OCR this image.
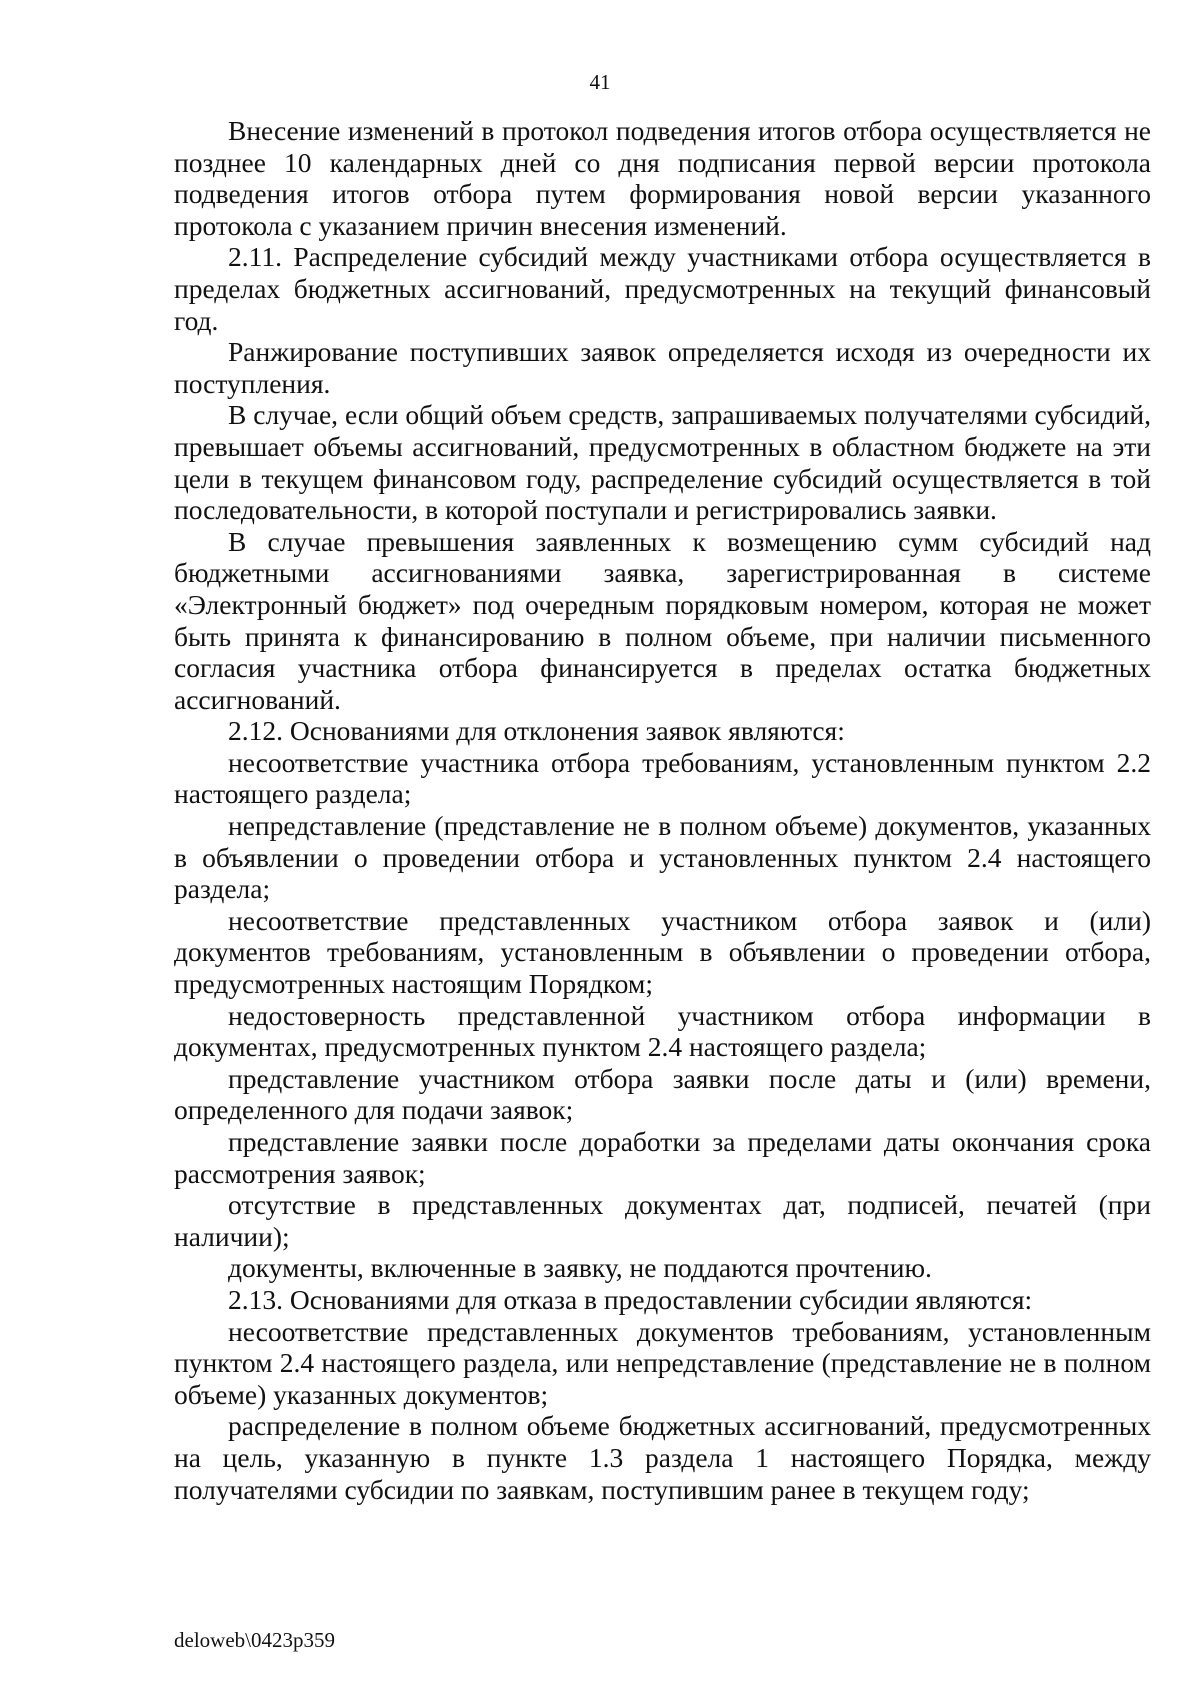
41

Внесение изменений в протокол подведения итогов отбора осуществляется не позднее 10 календарных дней со дня подписания первой версии протокола подведения итогов отбора путем формирования новой версии указанного протокола с указанием причин внесения изменений.

2.11. Распределение субсидий между участниками отбора осуществляется в пределах бюджетных ассигнований, предусмотренных на текущий финансовый год.

Ранжирование поступивших заявок определяется исходя из очередности их поступления.

В случае, если общий объем средств, запрашиваемых получателями субсидий, превышает объемы ассигнований, предусмотренных в областном бюджете на эти цели в текущем финансовом году, распределение субсидий осуществляется в той последовательности, в которой поступали и регистрировались заявки.

В случае превышения заявленных к возмещению сумм субсидий над бюджетными ассигнованиями заявка, зарегистрированная в системе «Электронный бюджет» под очередным порядковым номером, которая не может быть принята к финансированию в полном объеме, при наличии письменного согласия участника отбора финансируется в пределах остатка бюджетных ассигнований.

2.12. Основаниями для отклонения заявок являются:

несоответствие участника отбора требованиям, установленным пунктом 2.2 настоящего раздела;

непредставление (представление не в полном объеме) документов, указанных в объявлении о проведении отбора и установленных пунктом 2.4 настоящего раздела;

несоответствие представленных участником отбора заявок и (или) документов требованиям, установленным в объявлении о проведении отбора, предусмотренных настоящим Порядком;

недостоверность представленной участником отбора информации в документах, предусмотренных пунктом 2.4 настоящего раздела;

представление участником отбора заявки после даты и (или) времени, определенного для подачи заявок;

представление заявки после доработки за пределами даты окончания срока рассмотрения заявок;

отсутствие в представленных документах дат, подписей, печатей (при наличии);

документы, включенные в заявку, не поддаются прочтению.

2.13. Основаниями для отказа в предоставлении субсидии являются:

несоответствие представленных документов требованиям, установленным пунктом 2.4 настоящего раздела, или непредставление (представление не в полном объеме) указанных документов;

распределение в полном объеме бюджетных ассигнований, предусмотренных на цель, указанную в пункте 1.3 раздела 1 настоящего Порядка, между получателями субсидии по заявкам, поступившим ранее в текущем году;

deloweb\0423p359
